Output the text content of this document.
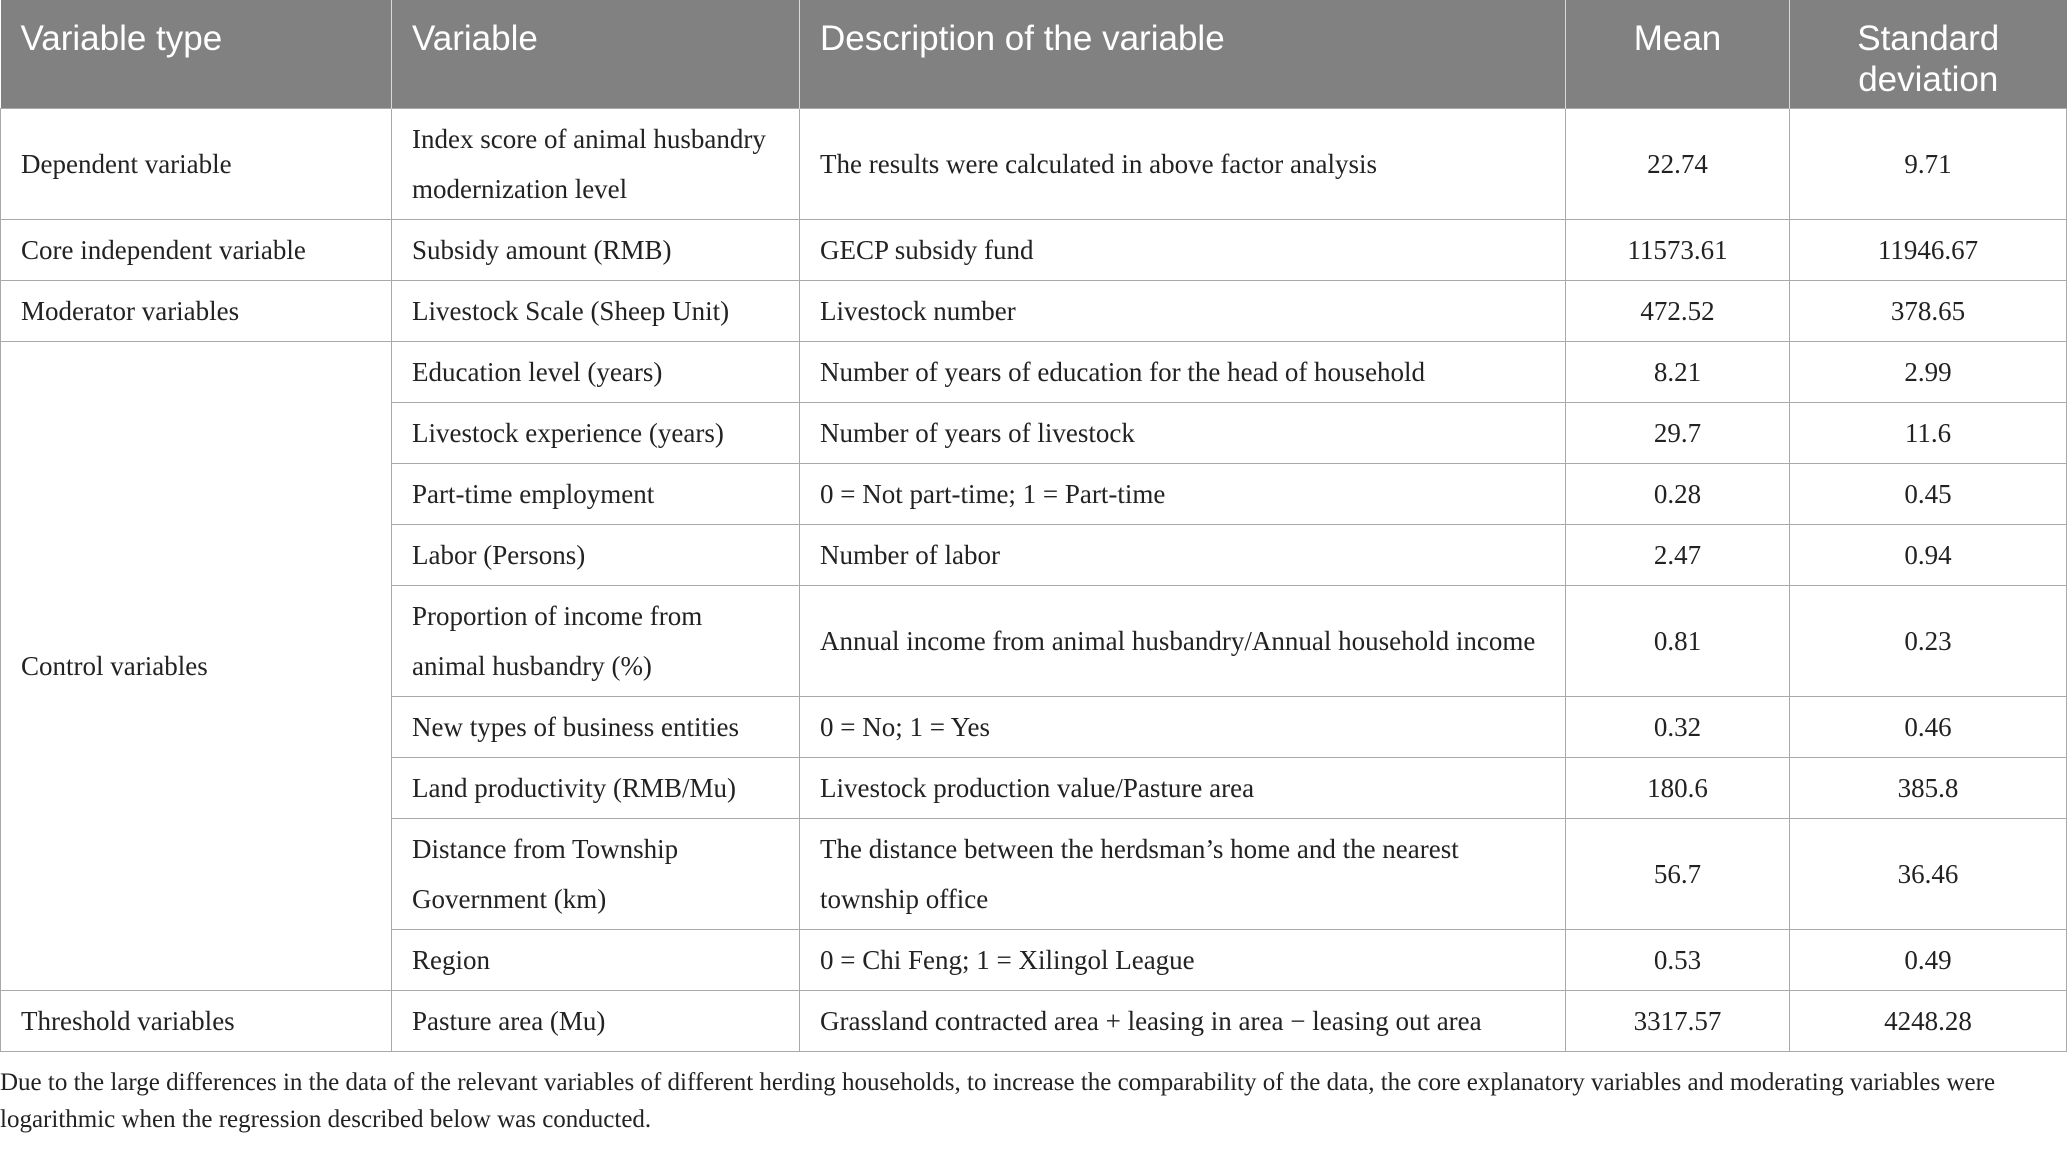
Variable type	Variable	Description of the variable	Mean	Standard deviation
Dependent variable	Index score of animal husbandry modernization level	The results were calculated in above factor analysis	22.74	9.71
Core independent variable	Subsidy amount (RMB)	GECP subsidy fund	11573.61	11946.67
Moderator variables	Livestock Scale (Sheep Unit)	Livestock number	472.52	378.65
Control variables	Education level (years)	Number of years of education for the head of household	8.21	2.99
	Livestock experience (years)	Number of years of livestock	29.7	11.6
	Part-time employment	0 = Not part-time; 1 = Part-time	0.28	0.45
	Labor (Persons)	Number of labor	2.47	0.94
	Proportion of income from animal husbandry (%)	Annual income from animal husbandry/Annual household income	0.81	0.23
	New types of business entities	0 = No; 1 = Yes	0.32	0.46
	Land productivity (RMB/Mu)	Livestock production value/Pasture area	180.6	385.8
	Distance from Township Government (km)	The distance between the herdsman’s home and the nearest township office	56.7	36.46
	Region	0 = Chi Feng; 1 = Xilingol League	0.53	0.49
Threshold variables	Pasture area (Mu)	Grassland contracted area + leasing in area − leasing out area	3317.57	4248.28

Due to the large differences in the data of the relevant variables of different herding households, to increase the comparability of the data, the core explanatory variables and moderating variables were logarithmic when the regression described below was conducted.
